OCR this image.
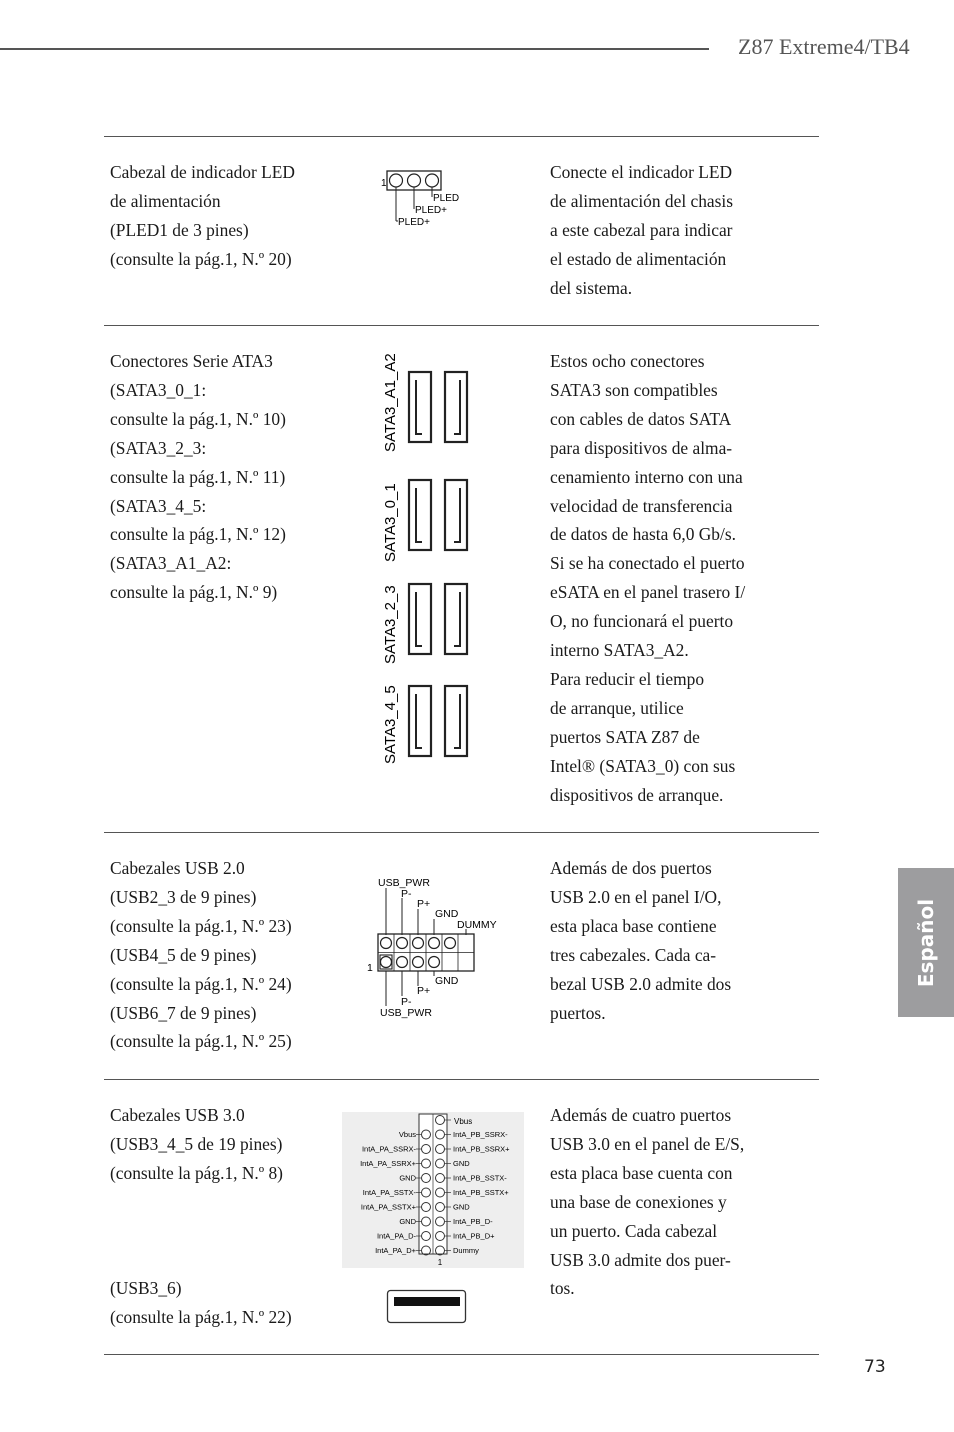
Z87 Extreme4/TB4
Cabezal de indicador LED
de alimentación
(PLED1 de 3 pines)
(consulte la pág.1, N.º 20)
Conecte el indicador LED
de alimentación del chasis
a este cabezal para indicar
el estado de alimentación
del sistema.
1
PLED
PLED+
PLED+
Conectores Serie ATA3
(SATA3_0_1:
consulte la pág.1, N.º 10)
(SATA3_2_3:
consulte la pág.1, N.º 11)
(SATA3_4_5:
consulte la pág.1, N.º 12)
(SATA3_A1_A2:
consulte la pág.1, N.º 9)
Estos ocho conectores
SATA3 son compatibles
con cables de datos SATA
para dispositivos de alma-
cenamiento interno con una
velocidad de transferencia
de datos de hasta 6,0 Gb/s.
Si se ha conectado el puerto
eSATA en el panel trasero I/
O, no funcionará el puerto
interno SATA3_A2.
Para reducir el tiempo
de arranque, utilice
puertos SATA Z87 de
Intel® (SATA3_0) con sus
dispositivos de arranque.
SATA3_A1_A2
SATA3_0_1
SATA3_2_3
SATA3_4_5
Cabezales USB 2.0
(USB2_3 de 9 pines)
(consulte la pág.1, N.º 23)
(USB4_5 de 9 pines)
(consulte la pág.1, N.º 24)
(USB6_7 de 9 pines)
(consulte la pág.1, N.º 25)
Además de dos puertos
USB 2.0 en el panel I/O,
esta placa base contiene
tres cabezales. Cada ca-
bezal USB 2.0 admite dos
puertos.
USB_PWR
P-
P+
GND
DUMMY
1
GND
P+
P-
USB_PWR
Cabezales USB 3.0
(USB3_4_5 de 19 pines)
(consulte la pág.1, N.º 8)
(USB3_6)
(consulte la pág.1, N.º 22)
Además de cuatro puertos
USB 3.0 en el panel de E/S,
esta placa base cuenta con
una base de conexiones y
un puerto. Cada cabezal
USB 3.0 admite dos puer-
tos.
Vbus
Vbus
IntA_PA_SSRX-
IntA_PA_SSRX+
GND
IntA_PA_SSTX-
IntA_PA_SSTX+
GND
IntA_PA_D-
IntA_PA_D+
IntA_PB_SSRX-
IntA_PB_SSRX+
GND
IntA_PB_SSTX-
IntA_PB_SSTX+
GND
IntA_PB_D-
IntA_PB_D+
Dummy
1
Español
73
